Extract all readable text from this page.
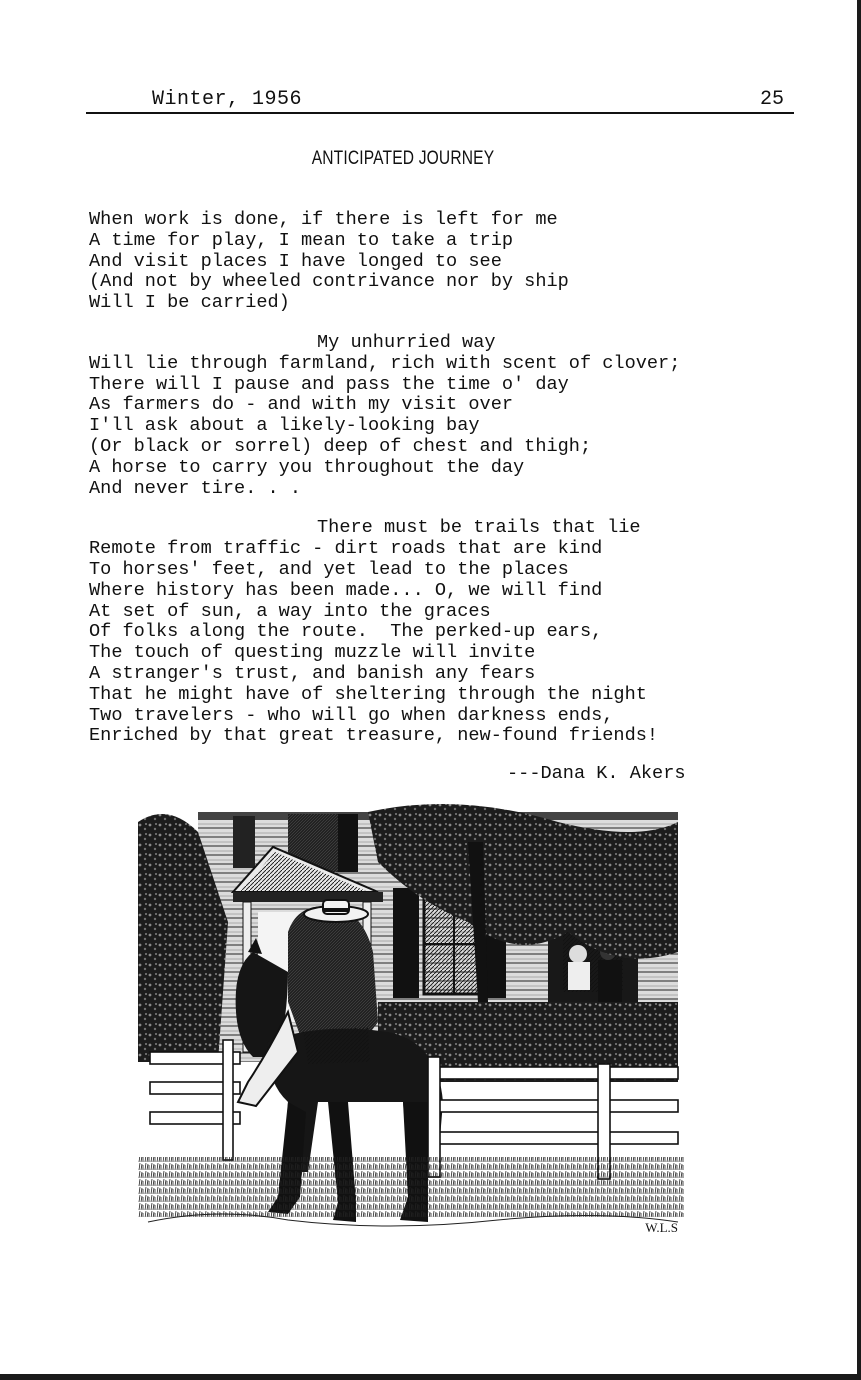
Winter, 1956	25
ANTICIPATED JOURNEY
When work is done, if there is left for me
A time for play, I mean to take a trip
And visit places I have longed to see
(And not by wheeled contrivance nor by ship
Will I be carried)
My unhurried way
Will lie through farmland, rich with scent of clover;
There will I pause and pass the time o' day
As farmers do - and with my visit over
I'll ask about a likely-looking bay
(Or black or sorrel) deep of chest and thigh;
A horse to carry you throughout the day
And never tire. . .
There must be trails that lie
Remote from traffic - dirt roads that are kind
To horses' feet, and yet lead to the places
Where history has been made... O, we will find
At set of sun, a way into the graces
Of folks along the route.  The perked-up ears,
The touch of questing muzzle will invite
A stranger's trust, and banish any fears
That he might have of sheltering through the night
Two travelers - who will go when darkness ends,
Enriched by that great treasure, new-found friends!
---Dana K. Akers
W.L.S
